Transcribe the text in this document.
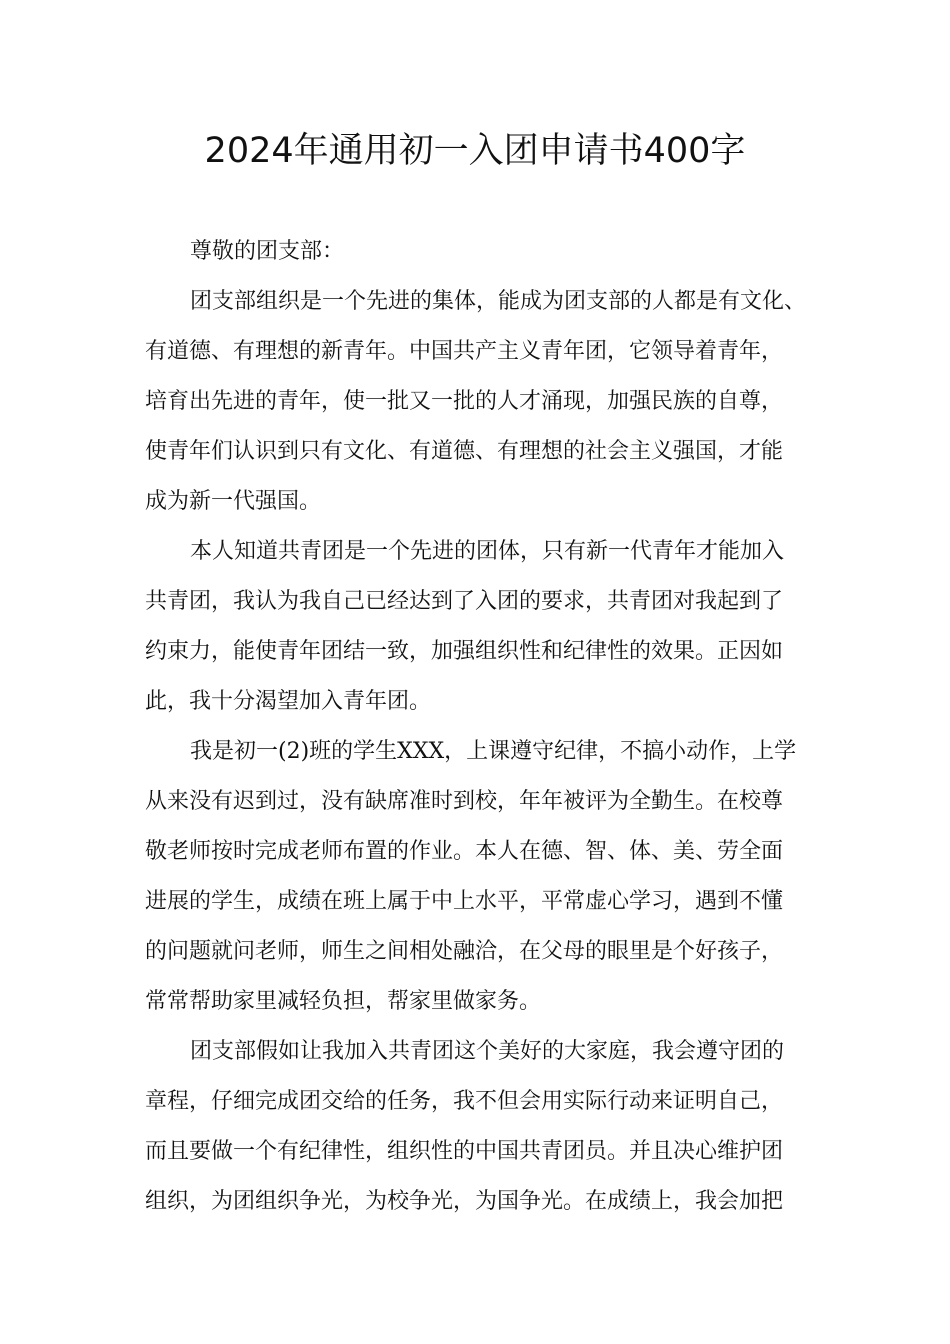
2024年通用初一入团申请书400字

尊敬的团支部：

团支部组织是一个先进的集体，能成为团支部的人都是有文化、
有道德、有理想的新青年。中国共产主义青年团，它领导着青年，
培育出先进的青年，使一批又一批的人才涌现，加强民族的自尊，
使青年们认识到只有文化、有道德、有理想的社会主义强国，才能
成为新一代强国。

本人知道共青团是一个先进的团体，只有新一代青年才能加入
共青团，我认为我自己已经达到了入团的要求，共青团对我起到了
约束力，能使青年团结一致，加强组织性和纪律性的效果。正因如
此，我十分渴望加入青年团。

我是初一(2)班的学生XXX，上课遵守纪律，不搞小动作，上学
从来没有迟到过，没有缺席准时到校，年年被评为全勤生。在校尊
敬老师按时完成老师布置的作业。本人在德、智、体、美、劳全面
进展的学生，成绩在班上属于中上水平，平常虚心学习，遇到不懂
的问题就问老师，师生之间相处融洽，在父母的眼里是个好孩子，
常常帮助家里减轻负担，帮家里做家务。

团支部假如让我加入共青团这个美好的大家庭，我会遵守团的
章程，仔细完成团交给的任务，我不但会用实际行动来证明自己，
而且要做一个有纪律性，组织性的中国共青团员。并且决心维护团
组织，为团组织争光，为校争光，为国争光。在成绩上，我会加把
